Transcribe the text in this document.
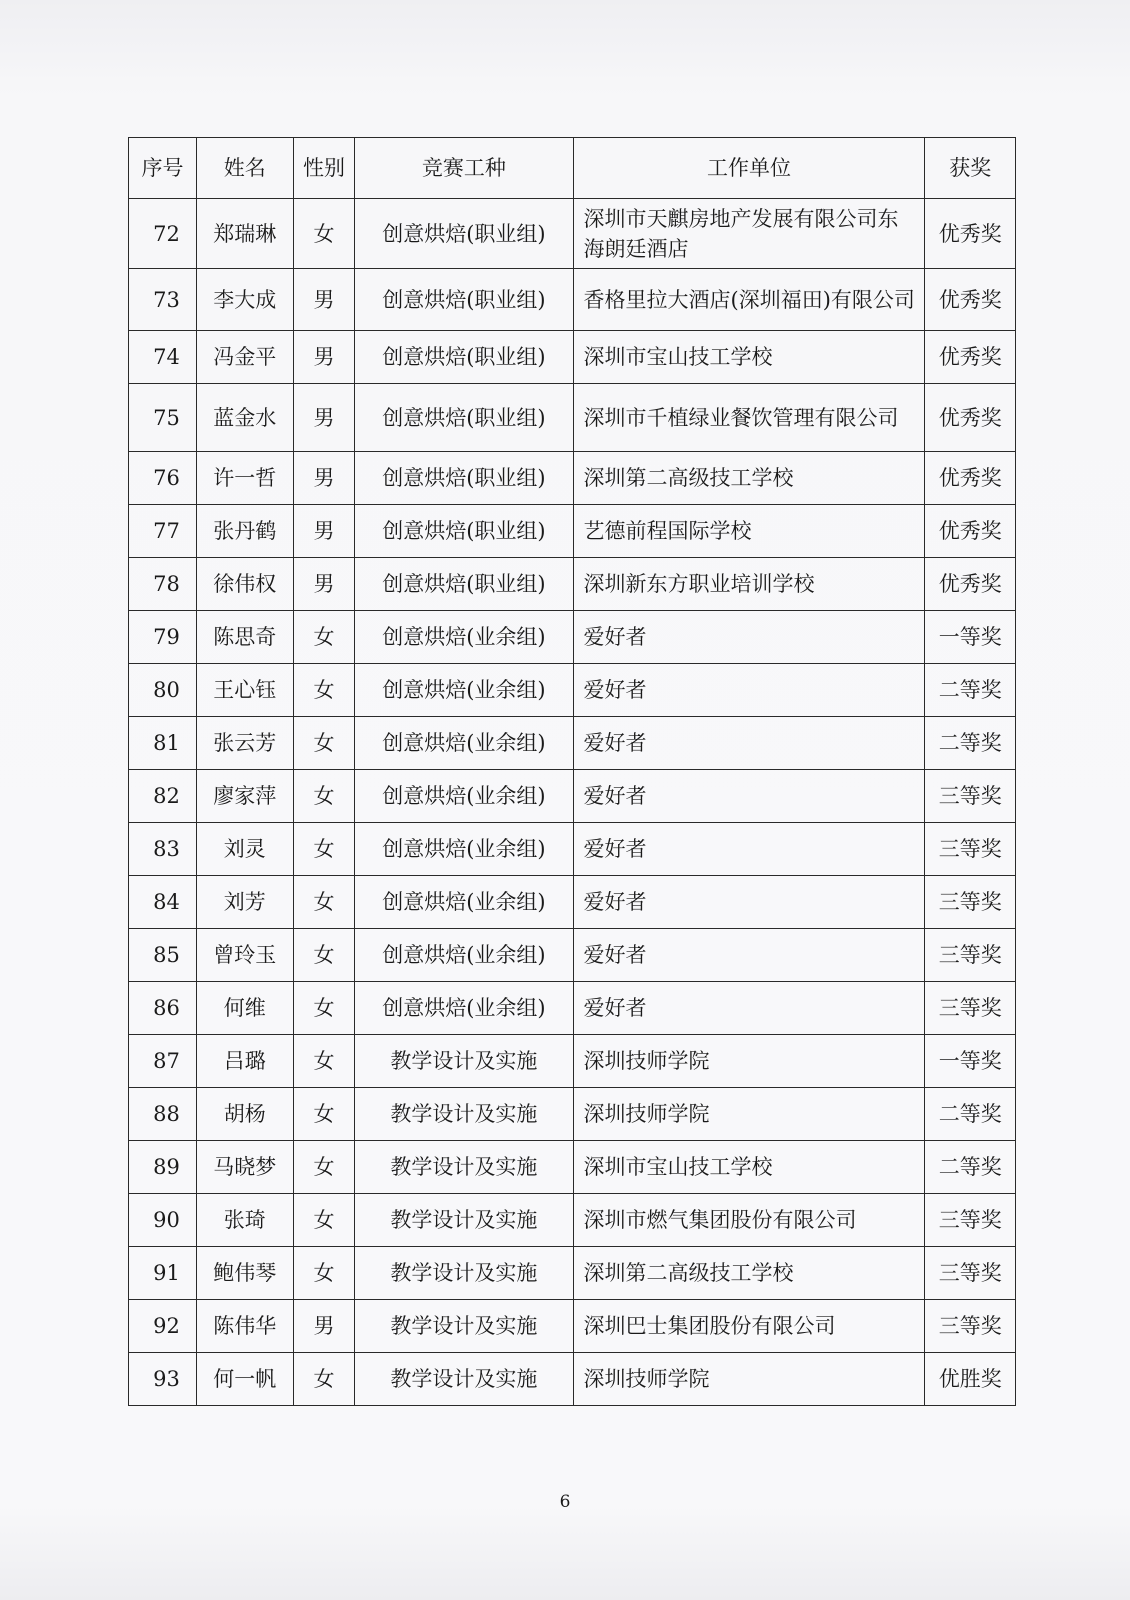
序号	姓名	性别	竞赛工种	工作单位	获奖
72	郑瑞琳	女	创意烘焙(职业组)	深圳市天麒房地产发展有限公司东海朗廷酒店	优秀奖
73	李大成	男	创意烘焙(职业组)	香格里拉大酒店(深圳福田)有限公司	优秀奖
74	冯金平	男	创意烘焙(职业组)	深圳市宝山技工学校	优秀奖
75	蓝金水	男	创意烘焙(职业组)	深圳市千植绿业餐饮管理有限公司	优秀奖
76	许一哲	男	创意烘焙(职业组)	深圳第二高级技工学校	优秀奖
77	张丹鹤	男	创意烘焙(职业组)	艺德前程国际学校	优秀奖
78	徐伟权	男	创意烘焙(职业组)	深圳新东方职业培训学校	优秀奖
79	陈思奇	女	创意烘焙(业余组)	爱好者	一等奖
80	王心钰	女	创意烘焙(业余组)	爱好者	二等奖
81	张云芳	女	创意烘焙(业余组)	爱好者	二等奖
82	廖家萍	女	创意烘焙(业余组)	爱好者	三等奖
83	刘灵	女	创意烘焙(业余组)	爱好者	三等奖
84	刘芳	女	创意烘焙(业余组)	爱好者	三等奖
85	曾玲玉	女	创意烘焙(业余组)	爱好者	三等奖
86	何维	女	创意烘焙(业余组)	爱好者	三等奖
87	吕璐	女	教学设计及实施	深圳技师学院	一等奖
88	胡杨	女	教学设计及实施	深圳技师学院	二等奖
89	马晓梦	女	教学设计及实施	深圳市宝山技工学校	二等奖
90	张琦	女	教学设计及实施	深圳市燃气集团股份有限公司	三等奖
91	鲍伟琴	女	教学设计及实施	深圳第二高级技工学校	三等奖
92	陈伟华	男	教学设计及实施	深圳巴士集团股份有限公司	三等奖
93	何一帆	女	教学设计及实施	深圳技师学院	优胜奖
6
